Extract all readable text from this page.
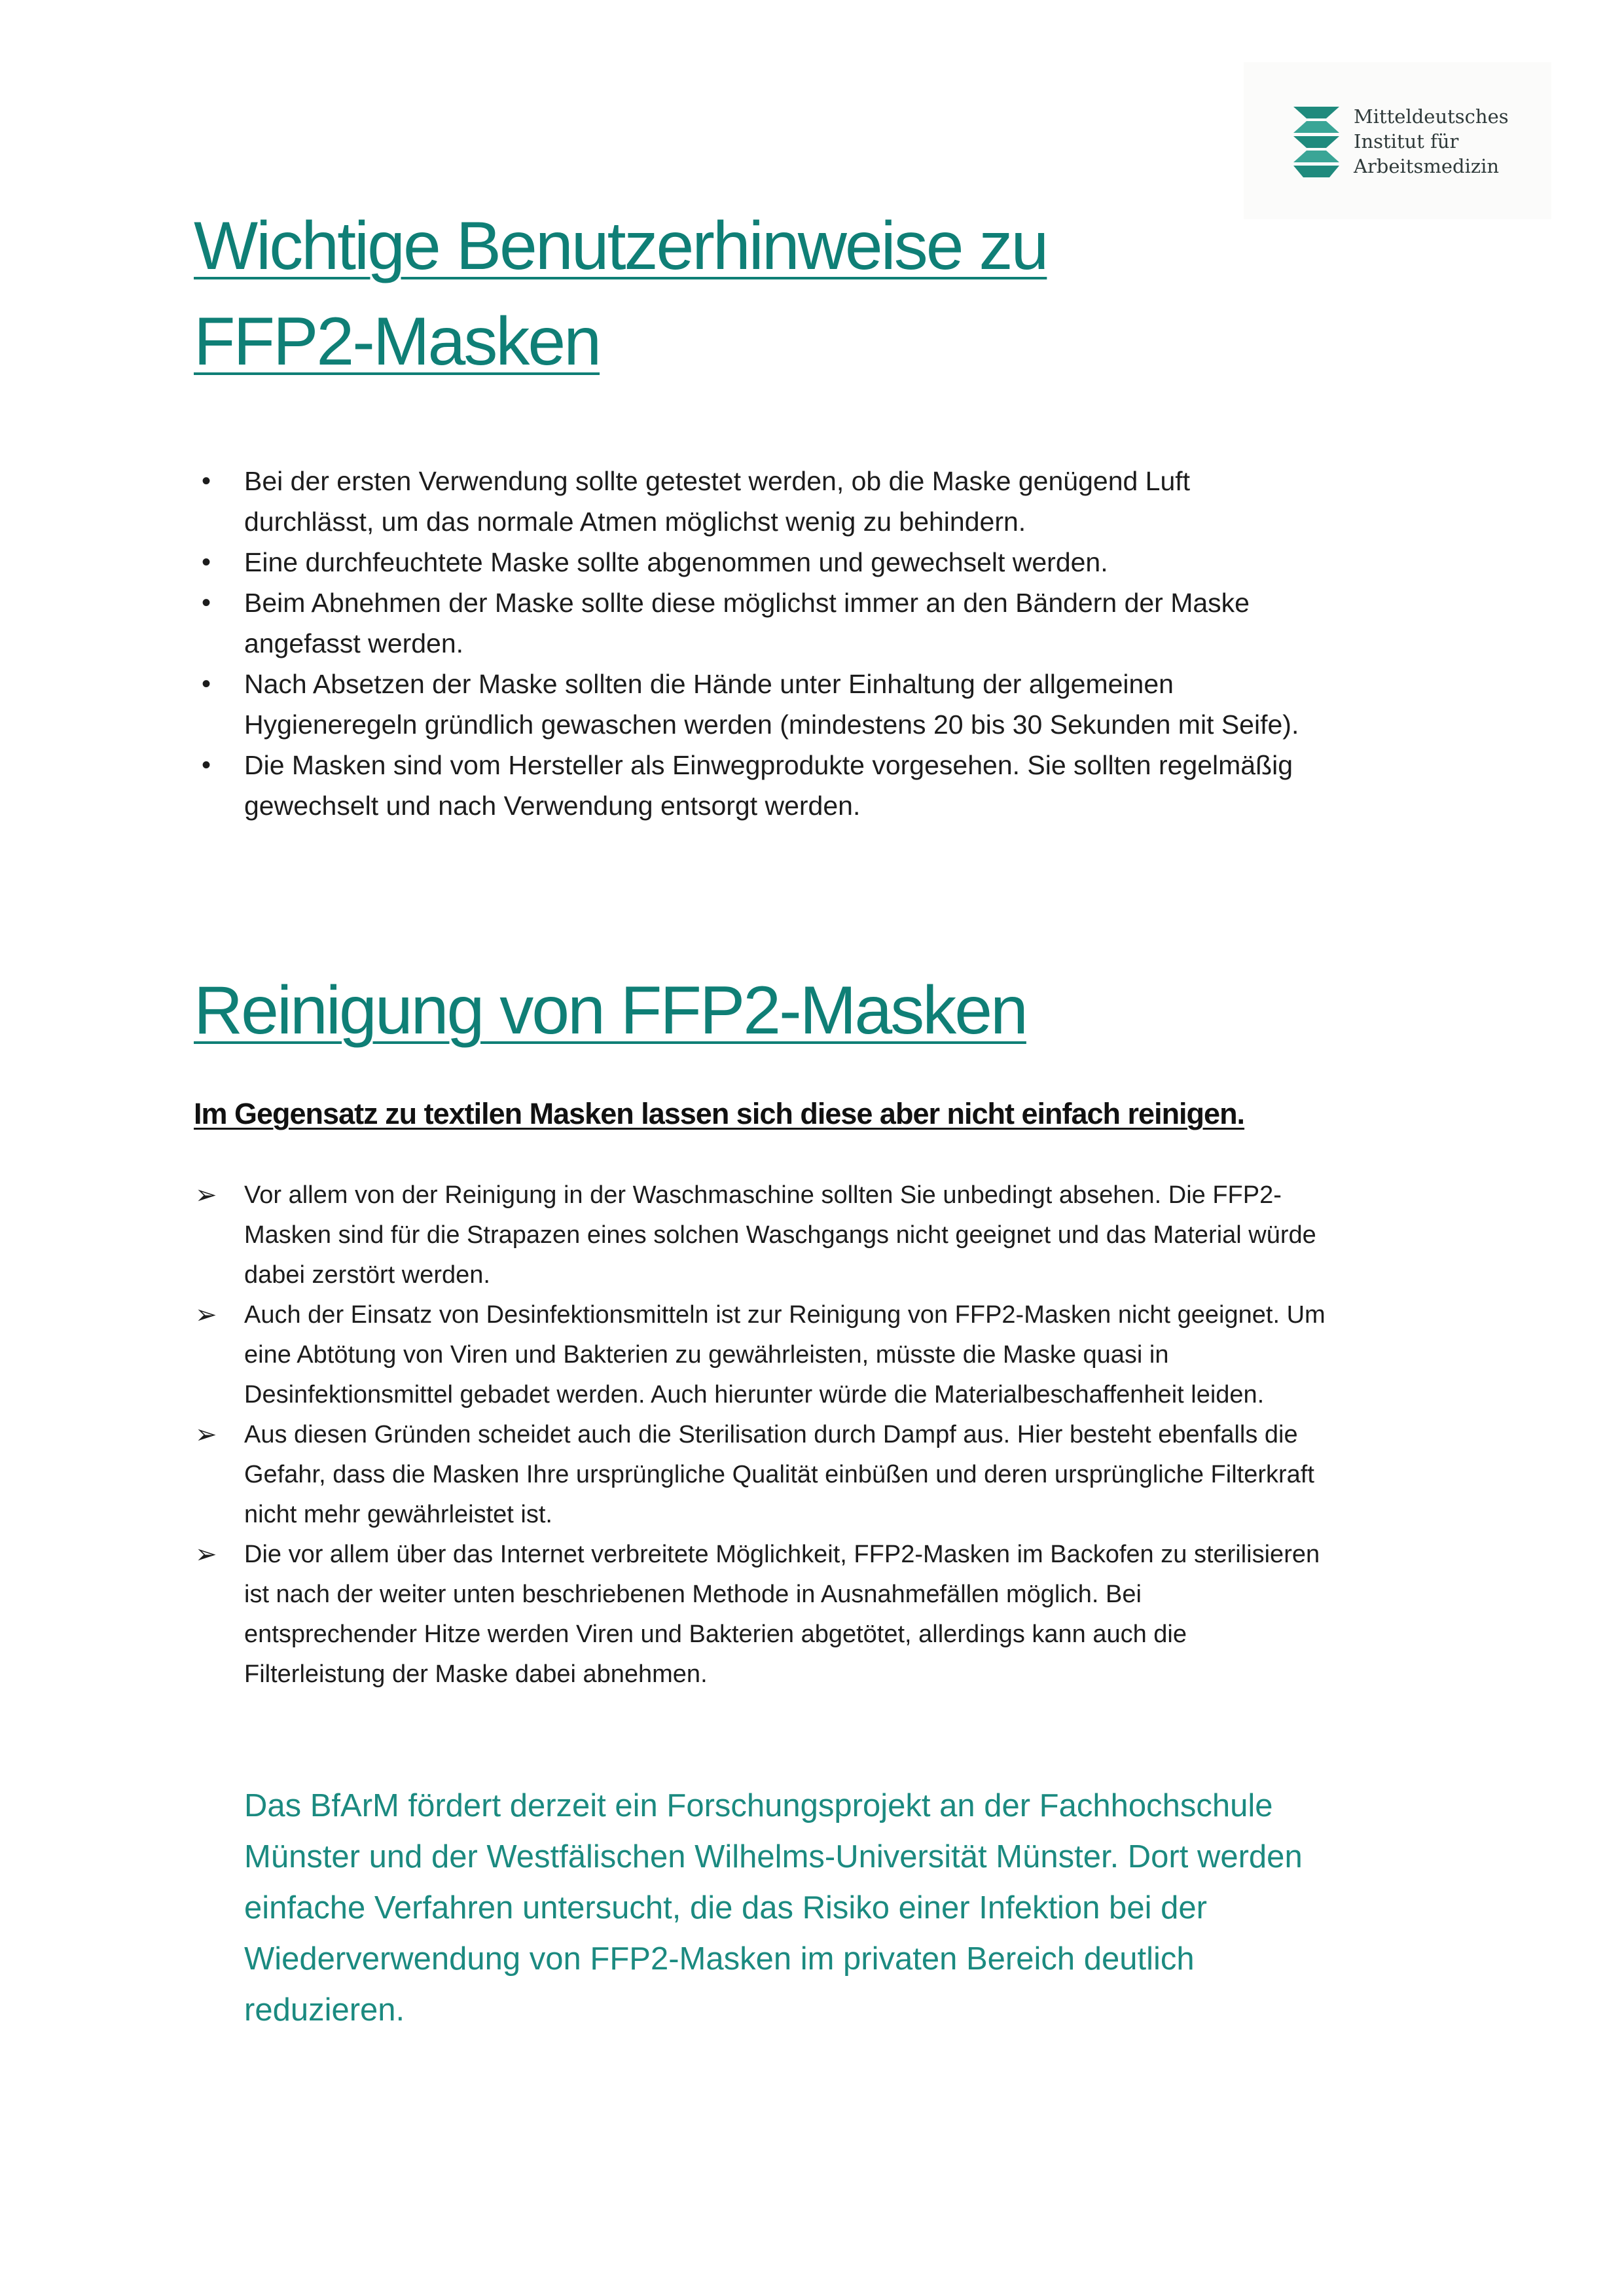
Mitteldeutsches
Institut für
Arbeitsmedizin
Wichtige Benutzerhinweise zu
FFP2-Masken
• Bei der ersten Verwendung sollte getestet werden, ob die Maske genügend Luft
durchlässt, um das normale Atmen möglichst wenig zu behindern.
• Eine durchfeuchtete Maske sollte abgenommen und gewechselt werden.
• Beim Abnehmen der Maske sollte diese möglichst immer an den Bändern der Maske
angefasst werden.
• Nach Absetzen der Maske sollten die Hände unter Einhaltung der allgemeinen
Hygieneregeln gründlich gewaschen werden (mindestens 20 bis 30 Sekunden mit Seife).
• Die Masken sind vom Hersteller als Einwegprodukte vorgesehen. Sie sollten regelmäßig
gewechselt und nach Verwendung entsorgt werden.
Reinigung von FFP2-Masken
Im Gegensatz zu textilen Masken lassen sich diese aber nicht einfach reinigen.
➢ Vor allem von der Reinigung in der Waschmaschine sollten Sie unbedingt absehen. Die FFP2-
Masken sind für die Strapazen eines solchen Waschgangs nicht geeignet und das Material würde
dabei zerstört werden.
➢ Auch der Einsatz von Desinfektionsmitteln ist zur Reinigung von FFP2-Masken nicht geeignet. Um
eine Abtötung von Viren und Bakterien zu gewährleisten, müsste die Maske quasi in
Desinfektionsmittel gebadet werden. Auch hierunter würde die Materialbeschaffenheit leiden.
➢ Aus diesen Gründen scheidet auch die Sterilisation durch Dampf aus. Hier besteht ebenfalls die
Gefahr, dass die Masken Ihre ursprüngliche Qualität einbüßen und deren ursprüngliche Filterkraft
nicht mehr gewährleistet ist.
➢ Die vor allem über das Internet verbreitete Möglichkeit, FFP2-Masken im Backofen zu sterilisieren
ist nach der weiter unten beschriebenen Methode in Ausnahmefällen möglich. Bei
entsprechender Hitze werden Viren und Bakterien abgetötet, allerdings kann auch die
Filterleistung der Maske dabei abnehmen.
Das BfArM fördert derzeit ein Forschungsprojekt an der Fachhochschule
Münster und der Westfälischen Wilhelms-Universität Münster. Dort werden
einfache Verfahren untersucht, die das Risiko einer Infektion bei der
Wiederverwendung von FFP2-Masken im privaten Bereich deutlich
reduzieren.
